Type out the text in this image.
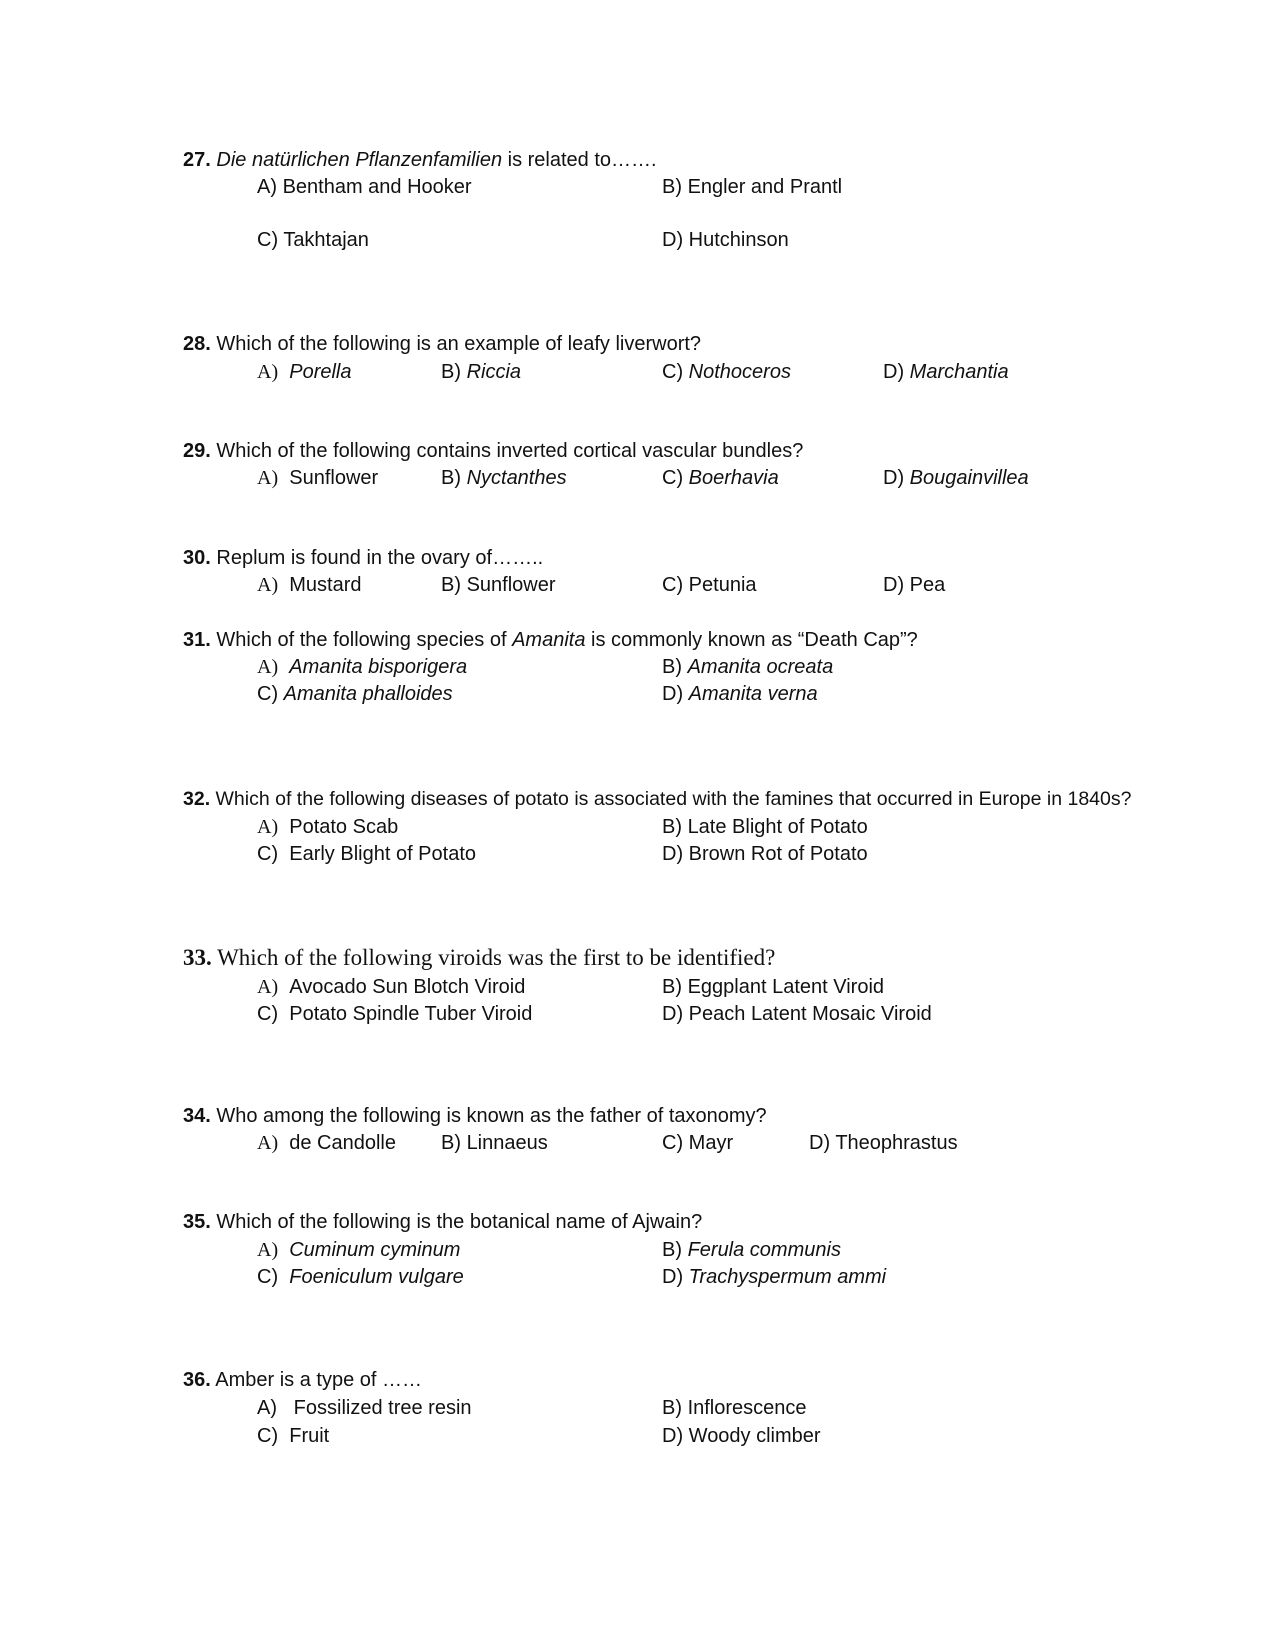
27. Die natürlichen Pflanzenfamilien is related to…….
A) Bentham and Hooker	B) Engler and Prantl
C) Takhtajan	D) Hutchinson
28. Which of the following is an example of leafy liverwort?
A) Porella	B) Riccia	C) Nothoceros	D) Marchantia
29. Which of the following contains inverted cortical vascular bundles?
A) Sunflower	B) Nyctanthes	C) Boerhavia	D) Bougainvillea
30. Replum is found in the ovary of……..
A) Mustard	B) Sunflower	C) Petunia	D) Pea
31. Which of the following species of Amanita is commonly known as “Death Cap”?
A) Amanita bisporigera	B) Amanita ocreata
C) Amanita phalloides	D) Amanita verna
32. Which of the following diseases of potato is associated with the famines that occurred in Europe in 1840s?
A) Potato Scab	B) Late Blight of Potato
C) Early Blight of Potato	D) Brown Rot of Potato
33. Which of the following viroids was the first to be identified?
A) Avocado Sun Blotch Viroid	B) Eggplant Latent Viroid
C) Potato Spindle Tuber Viroid	D) Peach Latent Mosaic Viroid
34. Who among the following is known as the father of taxonomy?
A) de Candolle B) Linnaeus	C) Mayr	D) Theophrastus
35. Which of the following is the botanical name of Ajwain?
A) Cuminum cyminum	B) Ferula communis
C) Foeniculum vulgare	D) Trachyspermum ammi
36. Amber is a type of ……
A) Fossilized tree resin	B) Inflorescence
C) Fruit	D) Woody climber
